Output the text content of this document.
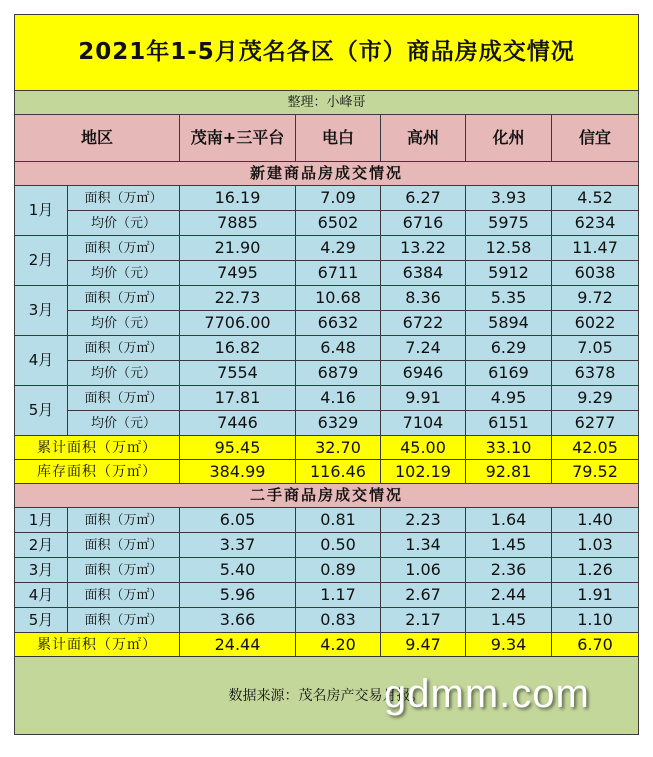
2021年1-5月茂名各区（市）商品房成交情况						
整理：小峰哥						
地区		茂南+三平台	电白	高州	化州	信宜
新建商品房成交情况						
1月	面积（万㎡）	16.19	7.09	6.27	3.93	4.52
	均价（元）	7885	6502	6716	5975	6234
2月	面积（万㎡）	21.90	4.29	13.22	12.58	11.47
	均价（元）	7495	6711	6384	5912	6038
3月	面积（万㎡）	22.73	10.68	8.36	5.35	9.72
	均价（元）	7706.00	6632	6722	5894	6022
4月	面积（万㎡）	16.82	6.48	7.24	6.29	7.05
	均价（元）	7554	6879	6946	6169	6378
5月	面积（万㎡）	17.81	4.16	9.91	4.95	9.29
	均价（元）	7446	6329	7104	6151	6277
累计面积（万㎡）		95.45	32.70	45.00	33.10	42.05
库存面积（万㎡）		384.99	116.46	102.19	92.81	79.52
二手商品房成交情况						
1月	面积（万㎡）	6.05	0.81	2.23	1.64	1.40
2月	面积（万㎡）	3.37	0.50	1.34	1.45	1.03
3月	面积（万㎡）	5.40	0.89	1.06	2.36	1.26
4月	面积（万㎡）	5.96	1.17	2.67	2.44	1.91
5月	面积（万㎡）	3.66	0.83	2.17	1.45	1.10
累计面积（万㎡）		24.44	4.20	9.47	9.34	6.70
数据来源：茂名房产交易月报。						
gdmm.com
